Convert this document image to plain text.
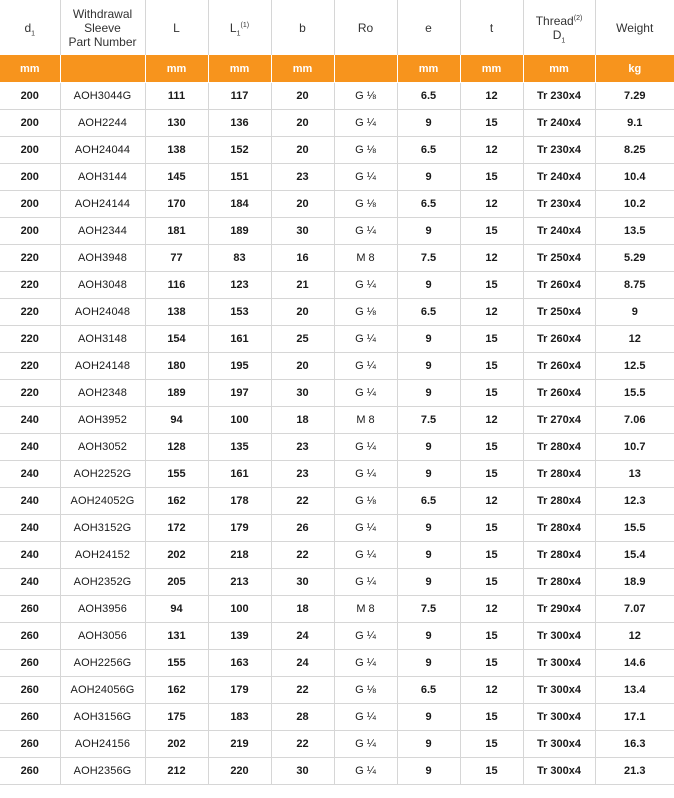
$d_1$	Withdrawal
Sleeve
Part Number	L	$L_1^{(1)}$	b	Ro	e	t	Thread$^{(2)}$
$D_1$	Weight
mm		mm	mm	mm		mm	mm	mm	kg
200	AOH3044G	111	117	20	G ⅛	6.5	12	Tr 230x4	7.29
200	AOH2244	130	136	20	G ¼	9	15	Tr 240x4	9.1
200	AOH24044	138	152	20	G ⅛	6.5	12	Tr 230x4	8.25
200	AOH3144	145	151	23	G ¼	9	15	Tr 240x4	10.4
200	AOH24144	170	184	20	G ⅛	6.5	12	Tr 230x4	10.2
200	AOH2344	181	189	30	G ¼	9	15	Tr 240x4	13.5
220	AOH3948	77	83	16	M 8	7.5	12	Tr 250x4	5.29
220	AOH3048	116	123	21	G ¼	9	15	Tr 260x4	8.75
220	AOH24048	138	153	20	G ⅛	6.5	12	Tr 250x4	9
220	AOH3148	154	161	25	G ¼	9	15	Tr 260x4	12
220	AOH24148	180	195	20	G ¼	9	15	Tr 260x4	12.5
220	AOH2348	189	197	30	G ¼	9	15	Tr 260x4	15.5
240	AOH3952	94	100	18	M 8	7.5	12	Tr 270x4	7.06
240	AOH3052	128	135	23	G ¼	9	15	Tr 280x4	10.7
240	AOH2252G	155	161	23	G ¼	9	15	Tr 280x4	13
240	AOH24052G	162	178	22	G ⅛	6.5	12	Tr 280x4	12.3
240	AOH3152G	172	179	26	G ¼	9	15	Tr 280x4	15.5
240	AOH24152	202	218	22	G ¼	9	15	Tr 280x4	15.4
240	AOH2352G	205	213	30	G ¼	9	15	Tr 280x4	18.9
260	AOH3956	94	100	18	M 8	7.5	12	Tr 290x4	7.07
260	AOH3056	131	139	24	G ¼	9	15	Tr 300x4	12
260	AOH2256G	155	163	24	G ¼	9	15	Tr 300x4	14.6
260	AOH24056G	162	179	22	G ⅛	6.5	12	Tr 300x4	13.4
260	AOH3156G	175	183	28	G ¼	9	15	Tr 300x4	17.1
260	AOH24156	202	219	22	G ¼	9	15	Tr 300x4	16.3
260	AOH2356G	212	220	30	G ¼	9	15	Tr 300x4	21.3
